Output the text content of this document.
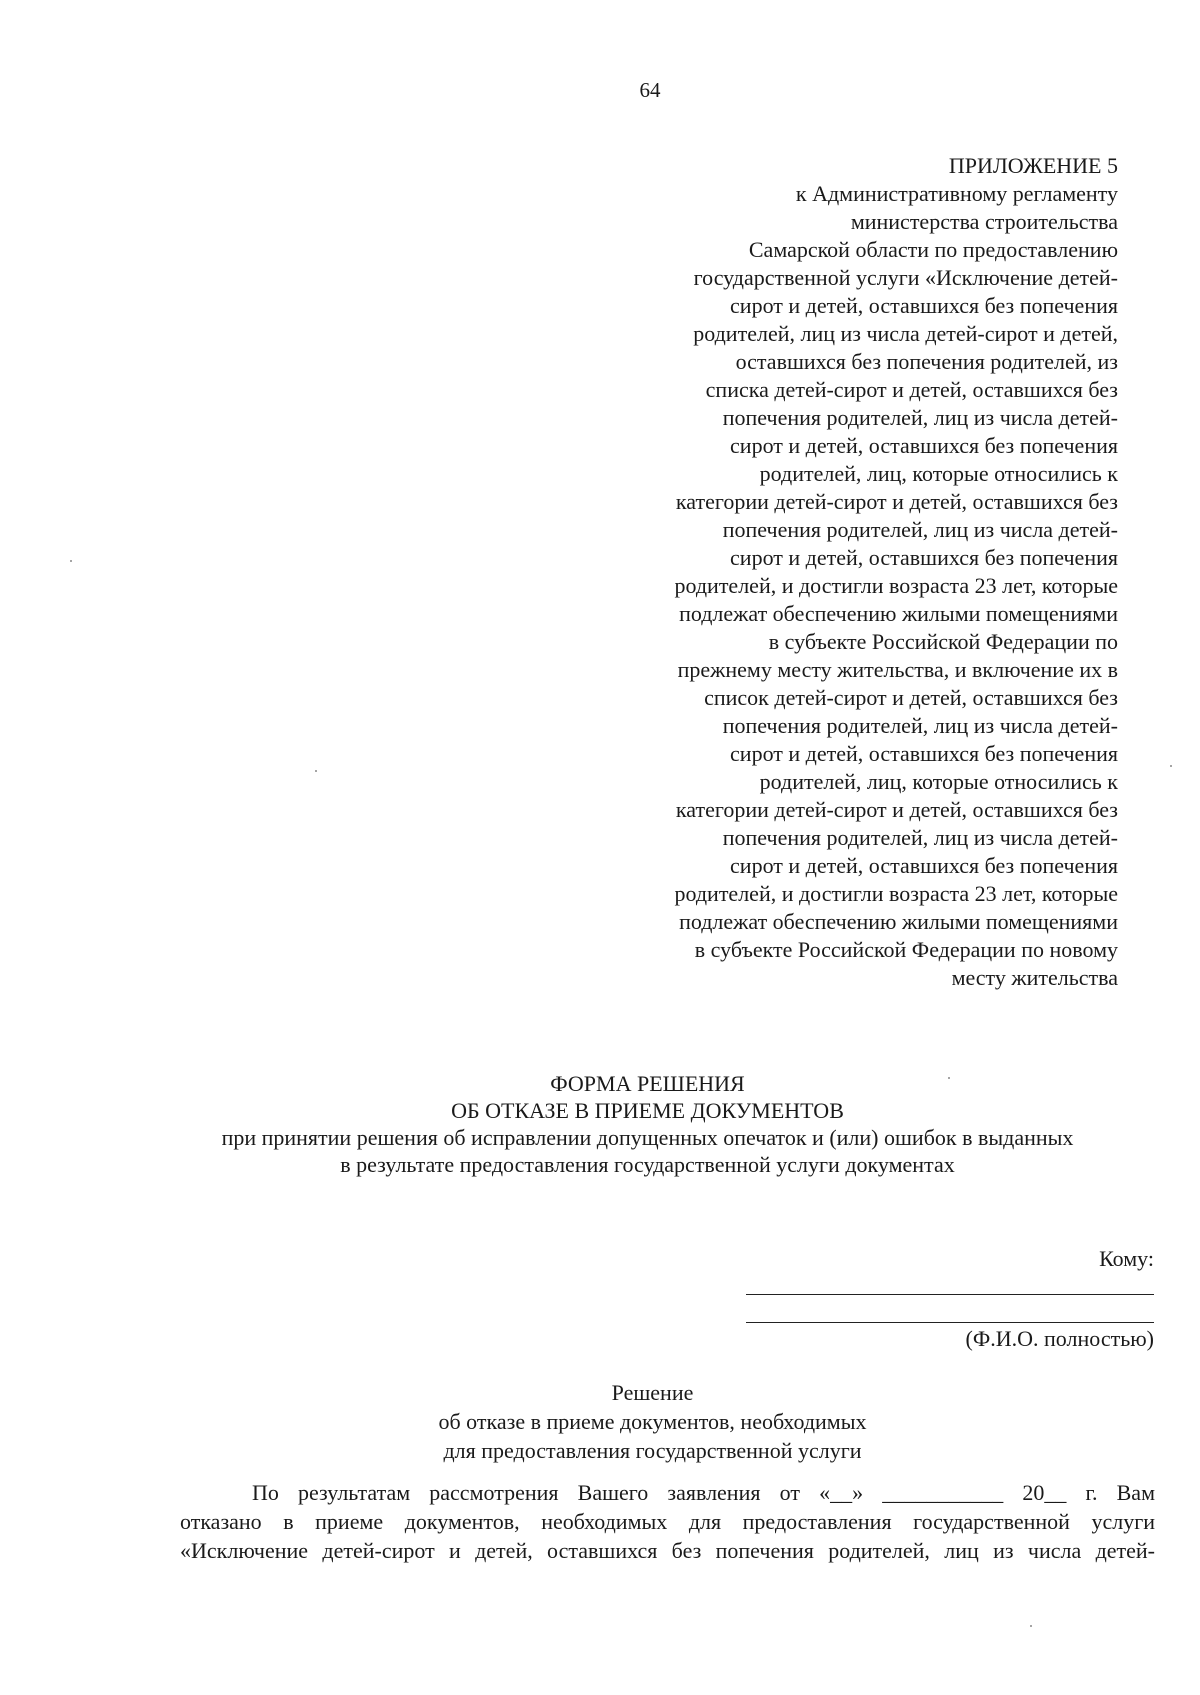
64
ПРИЛОЖЕНИЕ 5
к Административному регламенту
министерства строительства
Самарской области по предоставлению
государственной услуги «Исключение детей-
сирот и детей, оставшихся без попечения
родителей, лиц из числа детей-сирот и детей,
оставшихся без попечения родителей, из
списка детей-сирот и детей, оставшихся без
попечения родителей, лиц из числа детей-
сирот и детей, оставшихся без попечения
родителей, лиц, которые относились к
категории детей-сирот и детей, оставшихся без
попечения родителей, лиц из числа детей-
сирот и детей, оставшихся без попечения
родителей, и достигли возраста 23 лет, которые
подлежат обеспечению жилыми помещениями
в субъекте Российской Федерации по
прежнему месту жительства, и включение их в
список детей-сирот и детей, оставшихся без
попечения родителей, лиц из числа детей-
сирот и детей, оставшихся без попечения
родителей, лиц, которые относились к
категории детей-сирот и детей, оставшихся без
попечения родителей, лиц из числа детей-
сирот и детей, оставшихся без попечения
родителей, и достигли возраста 23 лет, которые
подлежат обеспечению жилыми помещениями
в субъекте Российской Федерации по новому
месту жительства
ФОРМА РЕШЕНИЯ
ОБ ОТКАЗЕ В ПРИЕМЕ ДОКУМЕНТОВ
при принятии решения об исправлении допущенных опечаток и (или) ошибок в выданных
в результате предоставления государственной услуги документах
Кому:
(Ф.И.О. полностью)
Решение
об отказе в приеме документов, необходимых
для предоставления государственной услуги
По результатам рассмотрения Вашего заявления от «__» ___________ 20__ г. Вам
отказано в приеме документов, необходимых для предоставления государственной услуги
«Исключение детей-сирот и детей, оставшихся без попечения родителей, лиц из числа детей-
